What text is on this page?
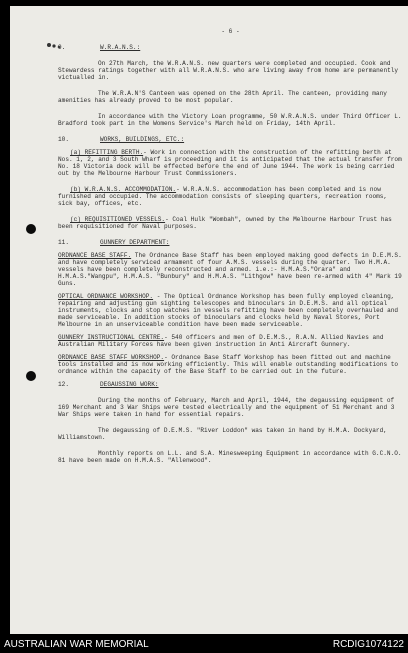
- 6 -

9.	W.R.A.N.S.:

On 27th March, the W.R.A.N.S. new quarters were completed and occupied. Cook and Stewardess ratings together with all W.R.A.N.S. who are living away from home are permanently victualled in.

The W.R.A.N'S Canteen was opened on the 28th April. The canteen, providing many amenities has already proved to be most popular.

In accordance with the Victory Loan programme, 50 W.R.A.N.S. under Third Officer L. Bradford took part in the Womens Service's March held on Friday, 14th April.

10.	WORKS, BUILDINGS, ETC.:

(a) REFITTING BERTH.- Work in connection with the construction of the refitting berth at Nos. 1, 2, and 3 South Wharf is proceeding and it is anticipated that the actual transfer from No. 18 Victoria dock will be effected before the end of June 1944. The work is being carried out by the Melbourne Harbour Trust Commissioners.

(b) W.R.A.N.S. ACCOMMODATION.- W.R.A.N.S. accommodation has been completed and is now furnished and occupied. The accommodation consists of sleeping quarters, recreation rooms, sick bay, offices, etc.

(c) REQUISITIONED VESSELS.- Coal Hulk "Wombah", owned by the Melbourne Harbour Trust has been requisitioned for Naval purposes.

11.	GUNNERY DEPARTMENT:

ORDNANCE BASE STAFF. The Ordnance Base Staff has been employed making good defects in D.E.M.S. and have completely serviced armament of four A.M.S. vessels during the quarter. Two H.M.A. vessels have been completely reconstructed and armed. i.e.:- H.M.A.S."Orara" and H.M.A.S."Wangpu", H.M.A.S. "Bunbury" and H.M.A.S. "Lithgow" have been re-armed with 4" Mark 19 Guns.

OPTICAL ORDNANCE WORKSHOP. - The Optical Ordnance Workshop has been fully employed cleaning, repairing and adjusting gun sighting telescopes and binoculars in D.E.M.S. and all optical instruments, clocks and stop watches in vessels refitting have been completely overhauled and made serviceable. In addition stocks of binoculars and clocks held by Naval Stores, Port Melbourne in an unserviceable condition have been made serviceable.

GUNNERY INSTRUCTIONAL CENTRE.- 540 officers and men of D.E.M.S., R.A.N. Allied Navies and Australian Military Forces have been given instruction in Anti Aircraft Gunnery.

ORDNANCE BASE STAFF WORKSHOP.- Ordnance Base Staff Workshop has been fitted out and machine tools installed and is now working efficiently. This will enable outstanding modifications to ordnance within the capacity of the Base Staff to be carried out in the future.

12.	DEGAUSSING WORK:

During the months of February, March and April, 1944, the degaussing equipment of 169 Merchant and 3 War Ships were tested electrically and the equipment of 51 Merchant and 3 War Ships were taken in hand for essential repairs.

The degaussing of D.E.M.S. "River Loddon" was taken in hand by H.M.A. Dockyard, Williamstown.

Monthly reports on L.L. and S.A. Minesweeping Equipment in accordance with G.C.N.O. 81 have been made on H.M.A.S. "Allenwood".

AUSTRALIAN WAR MEMORIAL	RCDIG1074122
